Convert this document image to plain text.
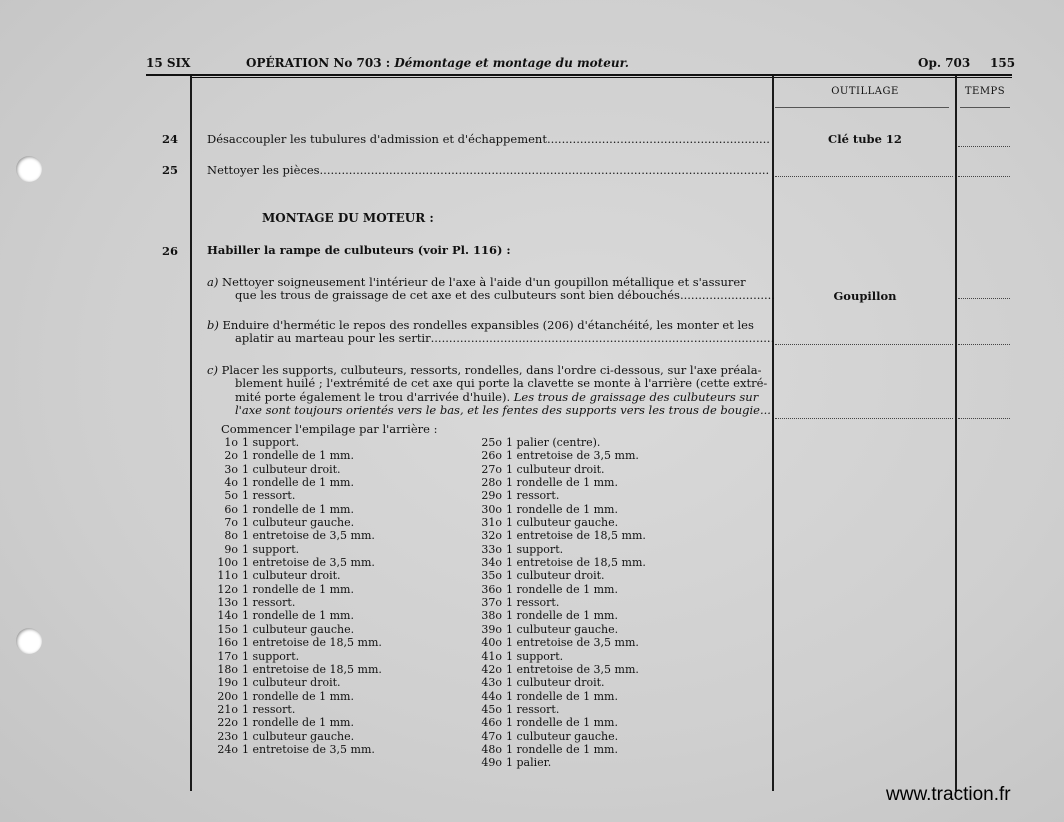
15 SIX	OPÉRATION No 703 : Démontage et montage du moteur.	Op. 703 155
OUTILLAGE	TEMPS
24	Désaccoupler les tubulures d'admission et d'échappement .....	Clé tube 12
25	Nettoyer les pièces
.....
MONTAGE DU MOTEUR :
26	Habiller la rampe de culbuteurs (voir Pl. 116) :
a) Nettoyer soigneusement l'intérieur de l'axe à l'aide d'un goupillon métallique et s'assurer
que les trous de graissage de cet axe et des culbuteurs sont bien débouchés .....	Goupillon
b) Enduire d'hermétic le repos des rondelles expansibles (206) d'étanchéité, les monter et les
aplatir au marteau pour les sertir
.....
c) Placer les supports, culbuteurs, ressorts, rondelles, dans l'ordre ci-dessous, sur l'axe préala-
blement huilé ; l'extrémité de cet axe qui porte la clavette se monte à l'arrière (cette extré-
mité porte également le trou d'arrivée d'huile). Les trous de graissage des culbuteurs sur
l'axe sont toujours orientés vers le bas, et les fentes des supports vers les trous de bougie...
Commencer l'empilage par l'arrière :
1o 1 support.
2o 1 rondelle de 1 mm.
3o 1 culbuteur droit.
4o 1 rondelle de 1 mm.
5o 1 ressort.
6o 1 rondelle de 1 mm.
7o 1 culbuteur gauche.
8o 1 entretoise de 3,5 mm.
9o 1 support.
10o 1 entretoise de 3,5 mm.
11o 1 culbuteur droit.
12o 1 rondelle de 1 mm.
13o 1 ressort.
14o 1 rondelle de 1 mm.
15o 1 culbuteur gauche.
16o 1 entretoise de 18,5 mm.
17o 1 support.
18o 1 entretoise de 18,5 mm.
19o 1 culbuteur droit.
20o 1 rondelle de 1 mm.
21o 1 ressort.
22o 1 rondelle de 1 mm.
23o 1 culbuteur gauche.
24o 1 entretoise de 3,5 mm.
25o 1 palier (centre).
26o 1 entretoise de 3,5 mm.
27o 1 culbuteur droit.
28o 1 rondelle de 1 mm.
29o 1 ressort.
30o 1 rondelle de 1 mm.
31o 1 culbuteur gauche.
32o 1 entretoise de 18,5 mm.
33o 1 support.
34o 1 entretoise de 18,5 mm.
35o 1 culbuteur droit.
36o 1 rondelle de 1 mm.
37o 1 ressort.
38o 1 rondelle de 1 mm.
39o 1 culbuteur gauche.
40o 1 entretoise de 3,5 mm.
41o 1 support.
42o 1 entretoise de 3,5 mm.
43o 1 culbuteur droit.
44o 1 rondelle de 1 mm.
45o 1 ressort.
46o 1 rondelle de 1 mm.
47o 1 culbuteur gauche.
48o 1 rondelle de 1 mm.
49o 1 palier.
www.traction.fr
